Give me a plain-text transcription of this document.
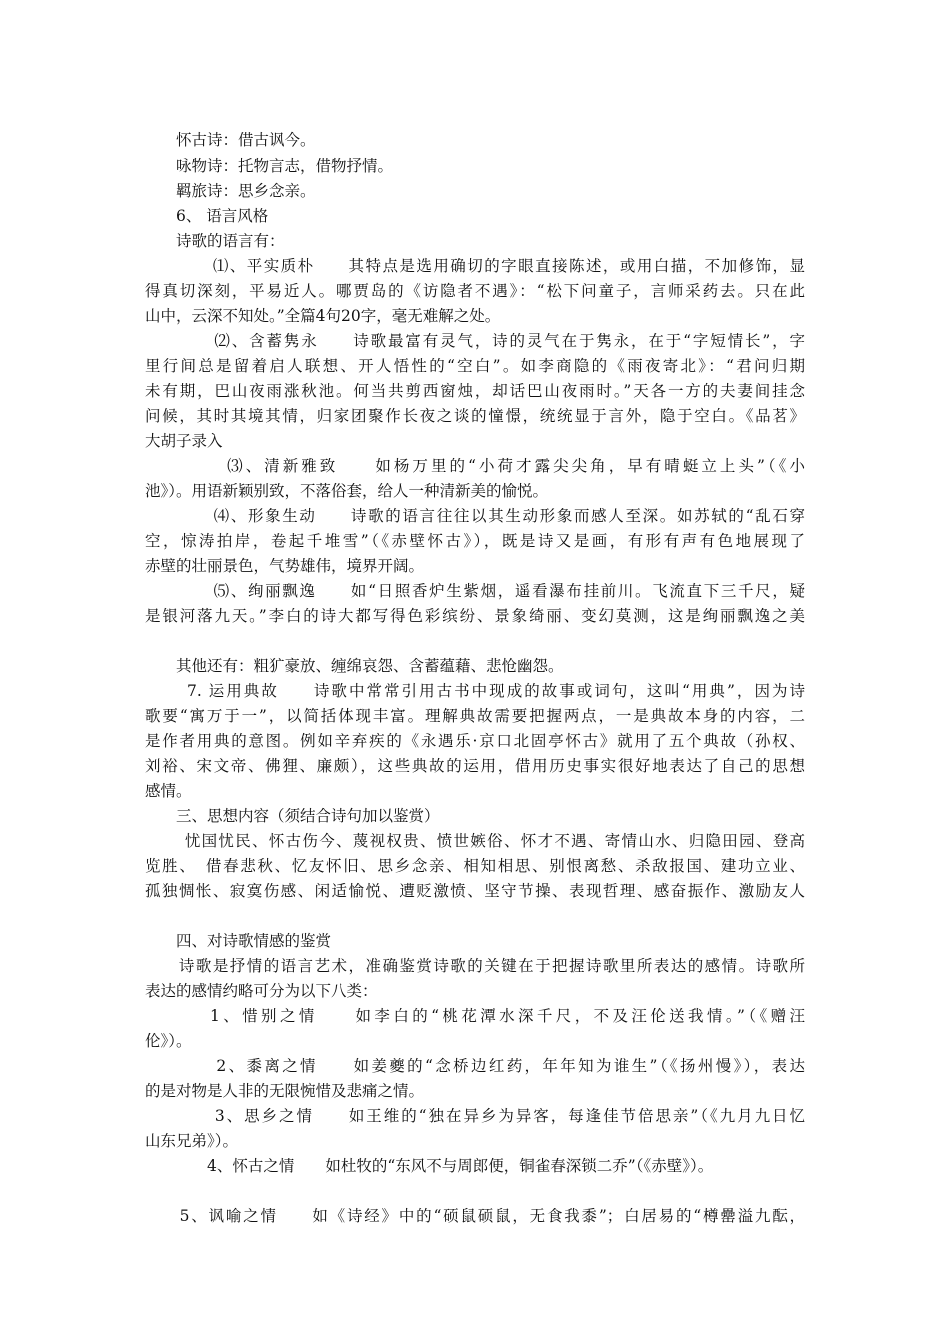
　　怀古诗：借古讽今。
　　咏物诗：托物言志，借物抒情。
　　羁旅诗：思乡念亲。
　　6、 语言风格
　　诗歌的语言有：
　　　　⑴、平实质朴　　其特点是选用确切的字眼直接陈述，或用白描，不加修饰，显
得真切深刻，平易近人。哪贾岛的《访隐者不遇》：“松下问童子，言师采药去。只在此
山中，云深不知处。”全篇4句20字，毫无难解之处。
　　　　⑵、含蓄隽永　　诗歌最富有灵气，诗的灵气在于隽永，在于“字短情长”，字
里行间总是留着启人联想、开人悟性的“空白”。如李商隐的《雨夜寄北》：“君问归期
未有期，巴山夜雨涨秋池。何当共剪西窗烛，却话巴山夜雨时。”天各一方的夫妻间挂念
问候，其时其境其情，归家团聚作长夜之谈的憧憬，统统显于言外，隐于空白。《品茗》
大胡子录入
　　　　 ⑶、清新雅致　　如杨万里的“小荷才露尖尖角，早有晴蜓立上头”（《小
池》）。用语新颖别致，不落俗套，给人一种清新美的愉悦。
　　　　⑷、形象生动　　诗歌的语言往往以其生动形象而感人至深。如苏轼的“乱石穿
空，惊涛拍岸，卷起千堆雪”（《赤壁怀古》），既是诗又是画，有形有声有色地展现了
赤壁的壮丽景色，气势雄伟，境界开阔。
　　　　⑸、绚丽飘逸　　如“日照香炉生紫烟，遥看瀑布挂前川。飞流直下三千尺，疑
是银河落九天。”李白的诗大都写得色彩缤纷、景象绮丽、变幻莫测，这是绚丽飘逸之美
　　其他还有：粗犷豪放、缠绵哀怨、含蓄蕴藉、悲怆幽怨。
　　 7. 运用典故　　诗歌中常常引用古书中现成的故事或词句，这叫“用典”，因为诗
歌要“寓万于一”，以简括体现丰富。理解典故需要把握两点，一是典故本身的内容，二
是作者用典的意图。例如辛弃疾的《永遇乐·京口北固亭怀古》就用了五个典故（孙权、
刘裕、宋文帝、佛狸、廉颇），这些典故的运用，借用历史事实很好地表达了自己的思想
感情。
　　三、思想内容（须结合诗句加以鉴赏）
　　 忧国忧民、怀古伤今、蔑视权贵、愤世嫉俗、怀才不遇、寄情山水、归隐田园、登高
览胜、　借春悲秋、忆友怀旧、思乡念亲、相知相思、别恨离愁、杀敌报国、建功立业、
孤独惆怅、寂寞伤感、闲适愉悦、遭贬激愤、坚守节操、表现哲理、感奋振作、激励友人
　　四、对诗歌情感的鉴赏
　　诗歌是抒情的语言艺术，准确鉴赏诗歌的关键在于把握诗歌里所表达的感情。诗歌所
表达的感情约略可分为以下八类：
　　　 1、惜别之情　　如李白的“桃花潭水深千尺，不及汪伦送我情。”（《赠汪
伦》）。
　　　　2、黍离之情　　如姜夔的“念桥边红药，年年知为谁生”（《扬州慢》），表达
的是对物是人非的无限惋惜及悲痛之情。
　　　　3、思乡之情　　如王维的“独在异乡为异客，每逢佳节倍思亲”（《九月九日忆
山东兄弟》）。
　　　　4、怀古之情　　如杜牧的“东风不与周郎便，铜雀春深锁二乔”（《赤壁》）。
　　5、讽喻之情　　如《诗经》中的“硕鼠硕鼠，无食我黍”；白居易的“樽罍溢九酝，
